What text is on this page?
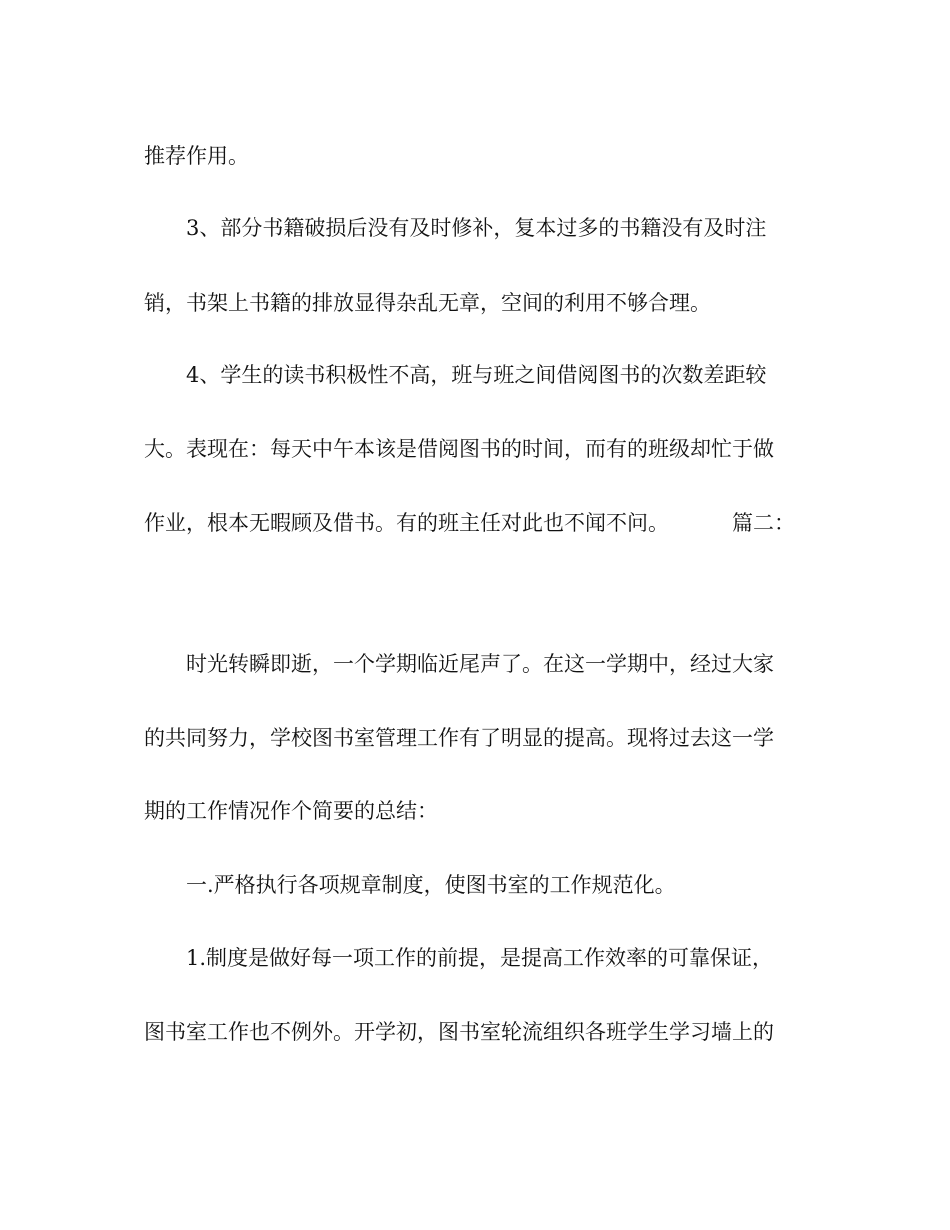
推荐作用。

3、部分书籍破损后没有及时修补，复本过多的书籍没有及时注

销，书架上书籍的排放显得杂乱无章，空间的利用不够合理。

4、学生的读书积极性不高，班与班之间借阅图书的次数差距较

大。表现在：每天中午本该是借阅图书的时间，而有的班级却忙于做

作业，根本无暇顾及借书。有的班主任对此也不闻不问。	篇二：

时光转瞬即逝，一个学期临近尾声了。在这一学期中，经过大家

的共同努力，学校图书室管理工作有了明显的提高。现将过去这一学

期的工作情况作个简要的总结：

一.严格执行各项规章制度，使图书室的工作规范化。

1.制度是做好每一项工作的前提，是提高工作效率的可靠保证，

图书室工作也不例外。开学初，图书室轮流组织各班学生学习墙上的
